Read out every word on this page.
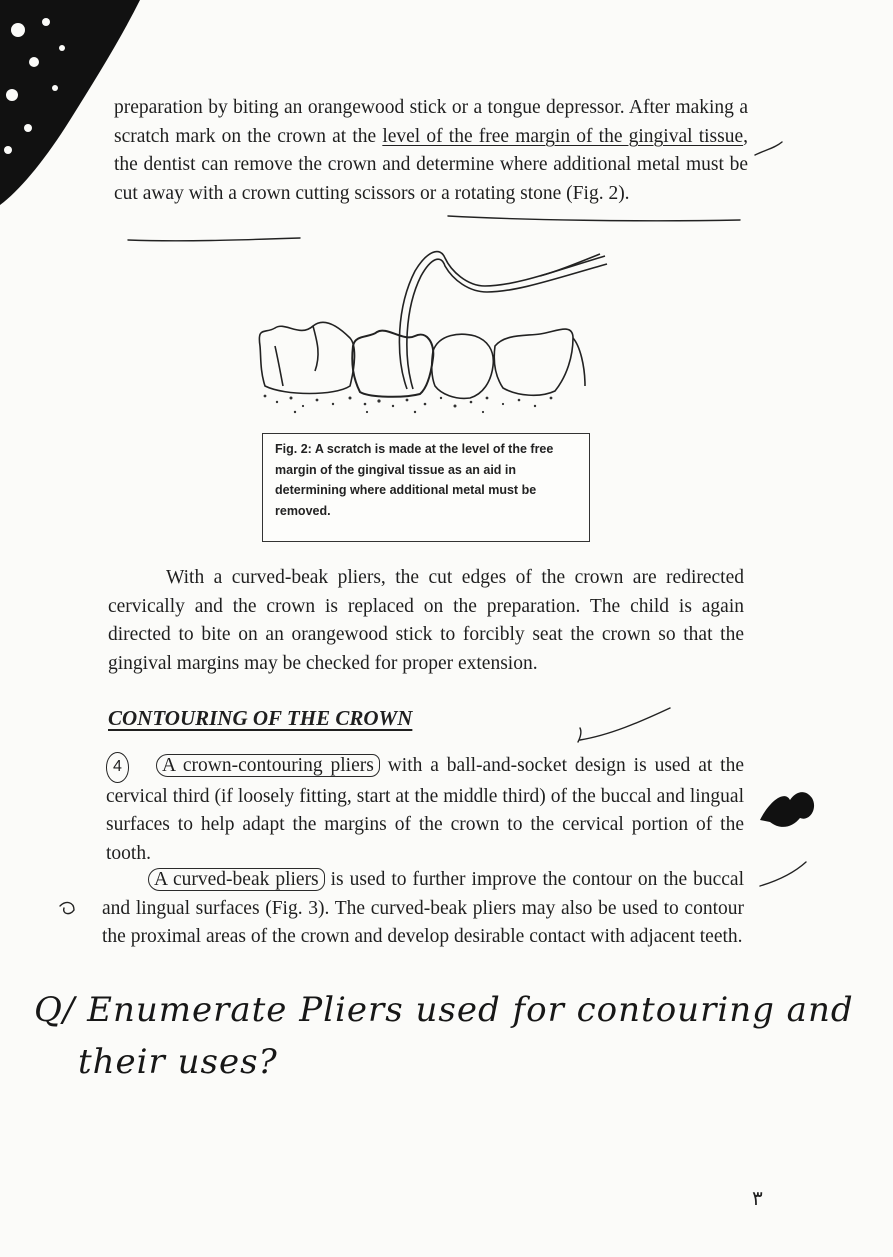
preparation by biting an orangewood stick or a tongue depressor. After making a scratch mark on the crown at the level of the free margin of the gingival tissue, the dentist can remove the crown and determine where additional metal must be cut away with a crown cutting scissors or a rotating stone (Fig. 2).

Fig. 2: A scratch is made at the level of the free margin of the gingival tissue as an aid in determining where additional metal must be removed.

With a curved-beak pliers, the cut edges of the crown are redirected cervically and the crown is replaced on the preparation. The child is again directed to bite on an orangewood stick to forcibly seat the crown so that the gingival margins may be checked for proper extension.

CONTOURING OF THE CROWN

4 A crown-contouring pliers with a ball-and-socket design is used at the cervical third (if loosely fitting, start at the middle third) of the buccal and lingual surfaces to help adapt the margins of the crown to the cervical portion of the tooth.

A curved-beak pliers is used to further improve the contour on the buccal and lingual surfaces (Fig. 3). The curved-beak pliers may also be used to contour the proximal areas of the crown and develop desirable contact with adjacent teeth.

Q/ Enumerate Pliers used for contouring and

their uses?

٣
